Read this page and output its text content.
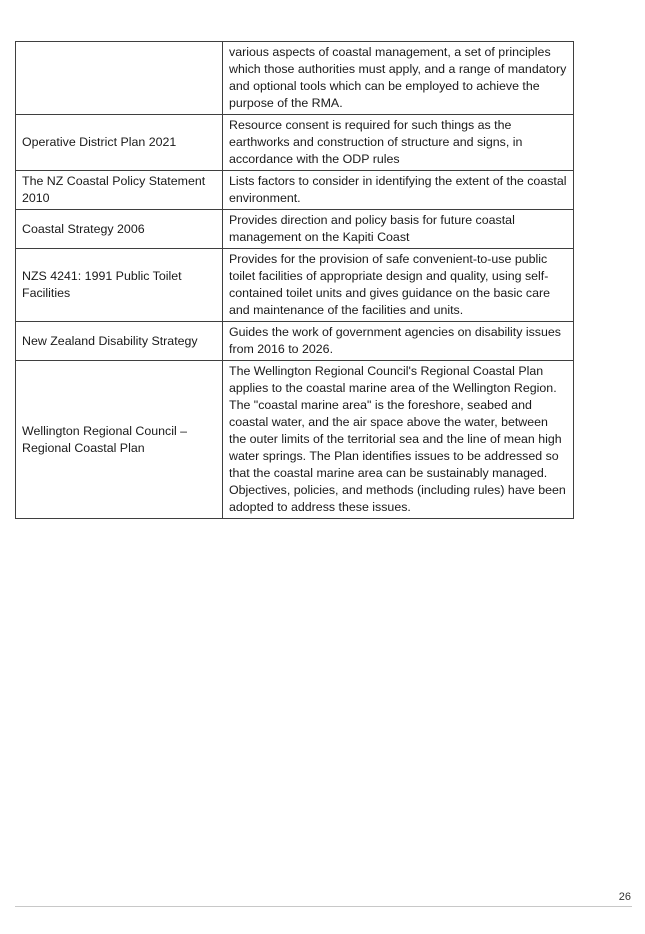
	various aspects of coastal management, a set of principles which those authorities must apply, and a range of mandatory and optional tools which can be employed to achieve the purpose of the RMA.
Operative District Plan 2021	Resource consent is required for such things as the earthworks and construction of structure and signs, in accordance with the ODP rules
The NZ Coastal Policy Statement 2010	Lists factors to consider in identifying the extent of the coastal environment.
Coastal Strategy 2006	Provides direction and policy basis for future coastal management on the Kapiti Coast
NZS 4241: 1991 Public Toilet Facilities	Provides for the provision of safe convenient-to-use public toilet facilities of appropriate design and quality, using self-contained toilet units and gives guidance on the basic care and maintenance of the facilities and units.
New Zealand Disability Strategy	Guides the work of government agencies on disability issues from 2016 to 2026.
Wellington Regional Council – Regional Coastal Plan	The Wellington Regional Council's Regional Coastal Plan applies to the coastal marine area of the Wellington Region. The "coastal marine area" is the foreshore, seabed and coastal water, and the air space above the water, between the outer limits of the territorial sea and the line of mean high water springs. The Plan identifies issues to be addressed so that the coastal marine area can be sustainably managed. Objectives, policies, and methods (including rules) have been adopted to address these issues.
26
